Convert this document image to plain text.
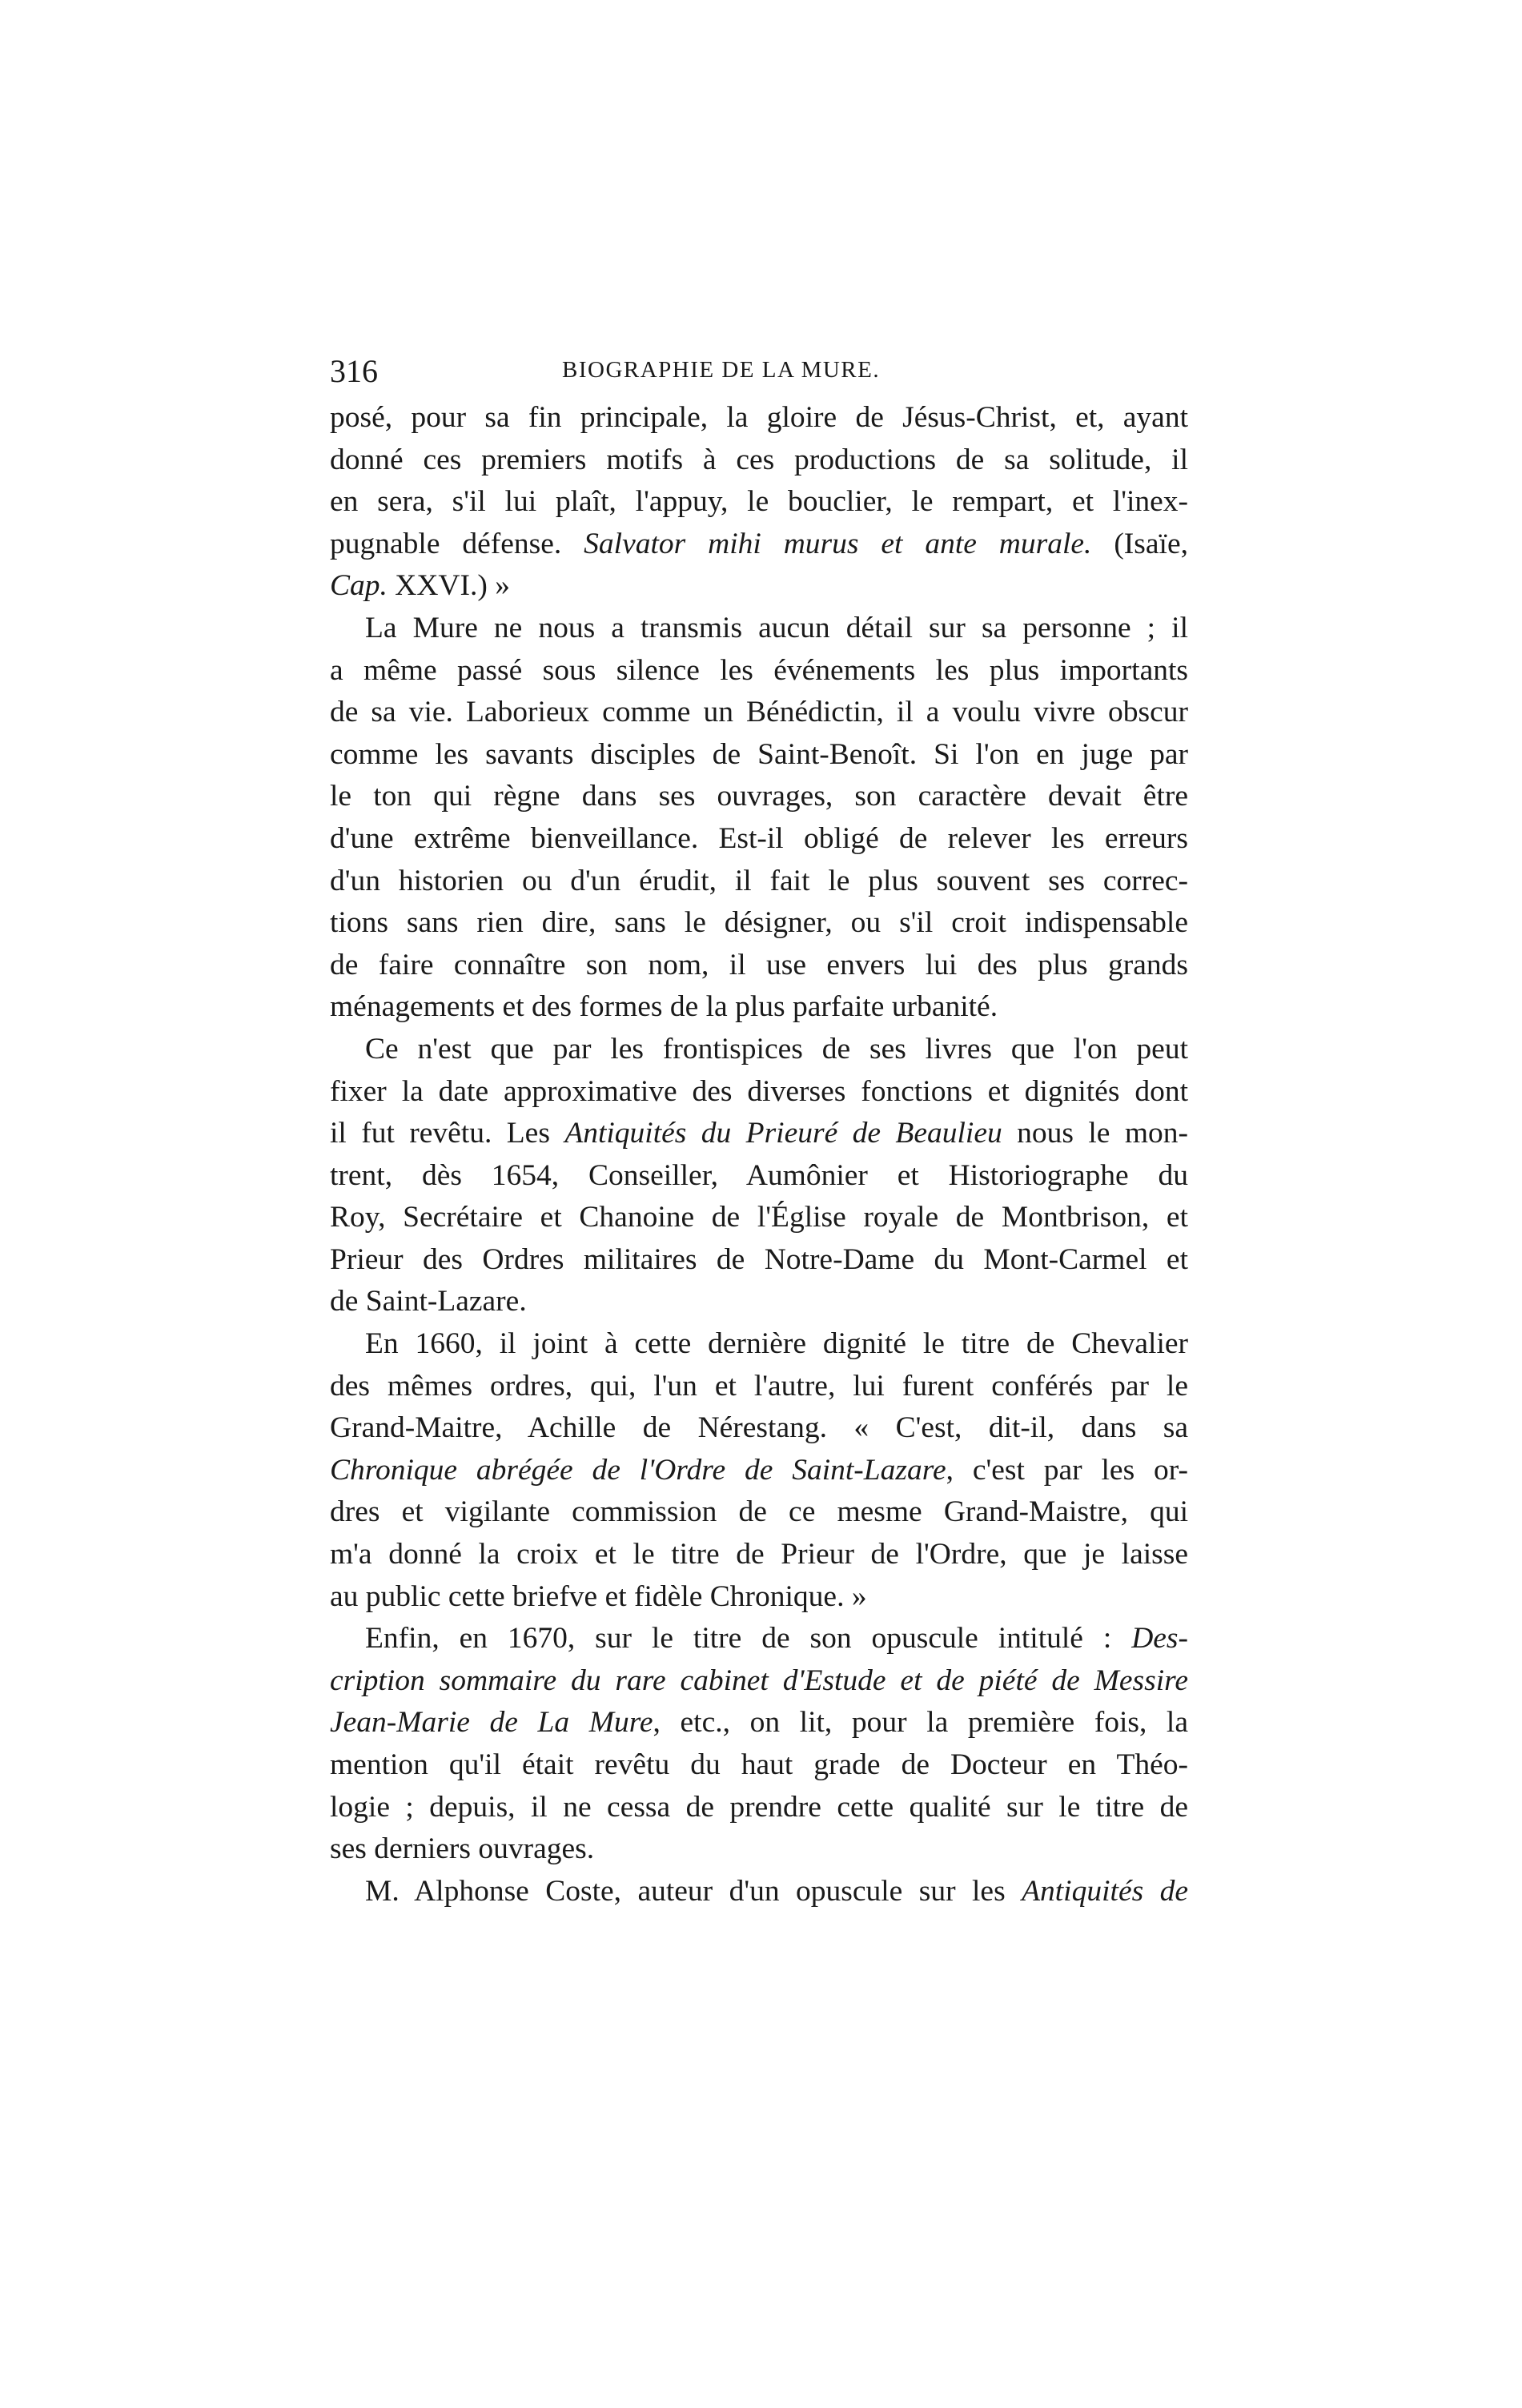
316	BIOGRAPHIE DE LA MURE.
posé, pour sa fin principale, la gloire de Jésus-Christ, et, ayant
donné ces premiers motifs à ces productions de sa solitude, il
en sera, s'il lui plaît, l'appuy, le bouclier, le rempart, et l'inex-
pugnable défense. Salvator mihi murus et ante murale. (Isaïe,
Cap. XXVI.) »
La Mure ne nous a transmis aucun détail sur sa personne ; il
a même passé sous silence les événements les plus importants
de sa vie. Laborieux comme un Bénédictin, il a voulu vivre obscur
comme les savants disciples de Saint-Benoît. Si l'on en juge par
le ton qui règne dans ses ouvrages, son caractère devait être
d'une extrême bienveillance. Est-il obligé de relever les erreurs
d'un historien ou d'un érudit, il fait le plus souvent ses correc-
tions sans rien dire, sans le désigner, ou s'il croit indispensable
de faire connaître son nom, il use envers lui des plus grands
ménagements et des formes de la plus parfaite urbanité.
Ce n'est que par les frontispices de ses livres que l'on peut
fixer la date approximative des diverses fonctions et dignités dont
il fut revêtu. Les Antiquités du Prieuré de Beaulieu nous le mon-
trent, dès 1654, Conseiller, Aumônier et Historiographe du
Roy, Secrétaire et Chanoine de l'Église royale de Montbrison, et
Prieur des Ordres militaires de Notre-Dame du Mont-Carmel et
de Saint-Lazare.
En 1660, il joint à cette dernière dignité le titre de Chevalier
des mêmes ordres, qui, l'un et l'autre, lui furent conférés par le
Grand-Maitre, Achille de Nérestang. « C'est, dit-il, dans sa
Chronique abrégée de l'Ordre de Saint-Lazare, c'est par les or-
dres et vigilante commission de ce mesme Grand-Maistre, qui
m'a donné la croix et le titre de Prieur de l'Ordre, que je laisse
au public cette briefve et fidèle Chronique. »
Enfin, en 1670, sur le titre de son opuscule intitulé : Des-
cription sommaire du rare cabinet d'Estude et de piété de Messire
Jean-Marie de La Mure, etc., on lit, pour la première fois, la
mention qu'il était revêtu du haut grade de Docteur en Théo-
logie ; depuis, il ne cessa de prendre cette qualité sur le titre de
ses derniers ouvrages.
M. Alphonse Coste, auteur d'un opuscule sur les Antiquités de
